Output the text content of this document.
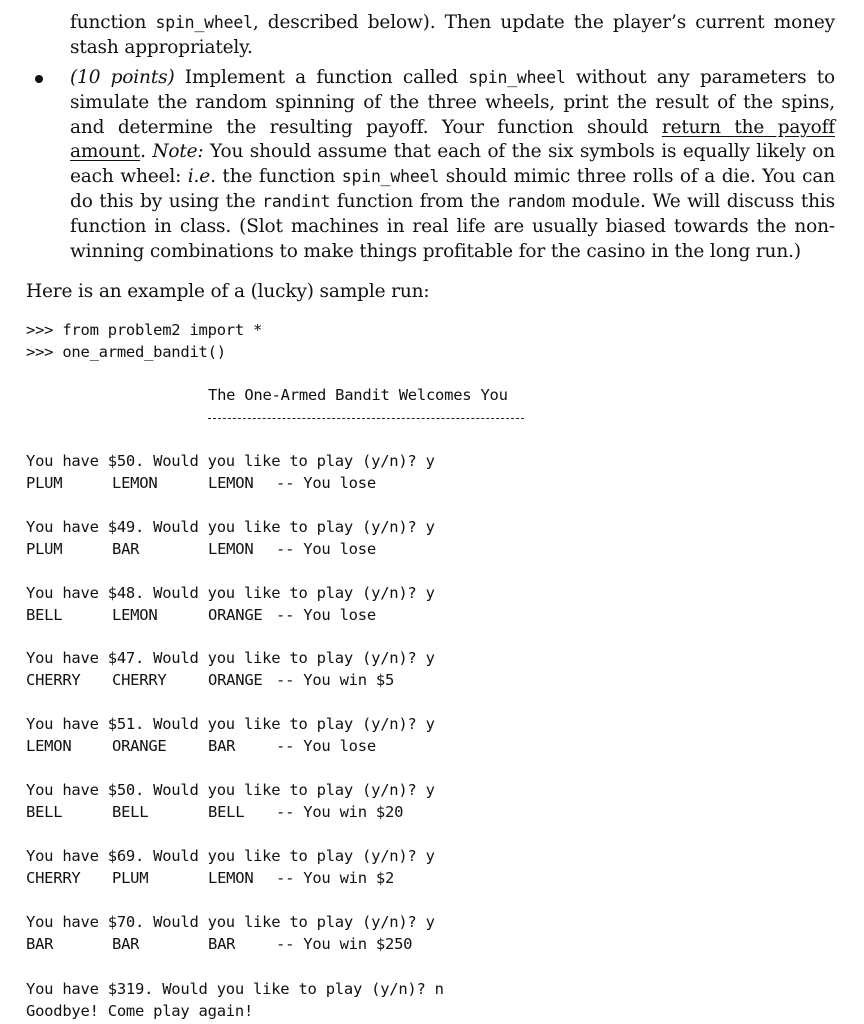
function spin_wheel, described below). Then update the player’s current money stash appropriately.
(10 points) Implement a function called spin_wheel without any parameters to simulate the random spinning of the three wheels, print the result of the spins, and determine the resulting payoff. Your function should return the payoff amount. Note: You should assume that each of the six symbols is equally likely on each wheel: i.e. the function spin_wheel should mimic three rolls of a die. You can do this by using the randint function from the random module. We will discuss this function in class. (Slot machines in real life are usually biased towards the non-winning combinations to make things profitable for the casino in the long run.)
Here is an example of a (lucky) sample run:
>>> from problem2 import *
>>> one_armed_bandit()
The One-Armed Bandit Welcomes You
You have $50. Would you like to play (y/n)? y
PLUM	LEMON	LEMON -- You lose
You have $49. Would you like to play (y/n)? y
PLUM	BAR	LEMON -- You lose
You have $48. Would you like to play (y/n)? y
BELL	LEMON	ORANGE -- You lose
You have $47. Would you like to play (y/n)? y
CHERRY CHERRY	ORANGE -- You win $5
You have $51. Would you like to play (y/n)? y
LEMON	ORANGE	BAR	-- You lose
You have $50. Would you like to play (y/n)? y
BELL	BELL	BELL -- You win $20
You have $69. Would you like to play (y/n)? y
CHERRY PLUM	LEMON -- You win $2
You have $70. Would you like to play (y/n)? y
BAR	BAR	BAR	-- You win $250
You have $319. Would you like to play (y/n)? n
Goodbye! Come play again!
